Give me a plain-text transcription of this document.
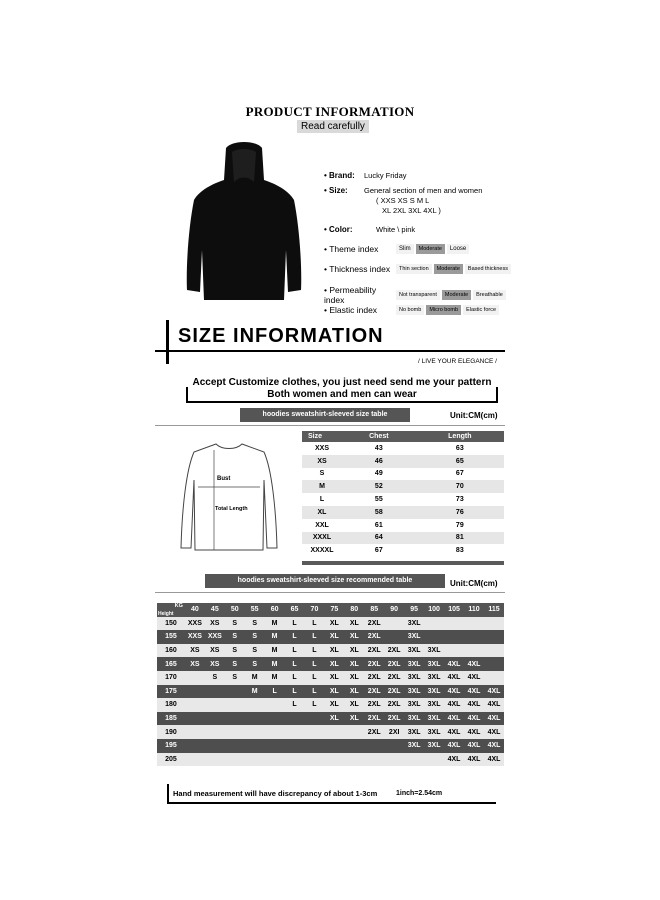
PRODUCT INFORMATION
Read carefully
• Brand:	Lucky Friday
• Size:	General section of men and women
( XXS XS S M L
XL 2XL 3XL 4XL )
• Color:	White \ pink
• Theme index	Slim	Moderate	Loose
• Thickness index	Thin section	Moderate	Based thickness
• Permeability index	Not transparent	Moderate	Breathable
• Elastic index	No bomb	Micro bomb	Elastic force
SIZE INFORMATION
/ LIVE YOUR ELEGANCE /
Accept Customize clothes, you just need send me your pattern
Both women and men can wear
hoodies sweatshirt-sleeved size table	Unit:CM(cm)
Bust
Total Length
Size	Chest	Length
XXS	43	63
XS	46	65
S	49	67
M	52	70
L	55	73
XL	58	76
XXL	61	79
XXXL	64	81
XXXXL	67	83
hoodies sweatshirt-sleeved size recommended table	Unit:CM(cm)
KG
Height	40	45	50	55	60	65	70	75	80	85	90	95	100	105	110	115
150	XXS	XS	S	S	M	L	L	XL	XL	2XL		3XL				
155	XXS	XXS	S	S	M	L	L	XL	XL	2XL		3XL				
160	XS	XS	S	S	M	L	L	XL	XL	2XL	2XL	3XL	3XL			
165	XS	XS	S	S	M	L	L	XL	XL	2XL	2XL	3XL	3XL	4XL	4XL	
170		S	S	M	M	L	L	XL	XL	2XL	2XL	3XL	3XL	4XL	4XL	
175				M	L	L	L	XL	XL	2XL	2XL	3XL	3XL	4XL	4XL	4XL
180						L	L	XL	XL	2XL	2XL	3XL	3XL	4XL	4XL	4XL
185								XL	XL	2XL	2XL	3XL	3XL	4XL	4XL	4XL
190										2XL	2XI	3XL	3XL	4XL	4XL	4XL
195												3XL	3XL	4XL	4XL	4XL
205														4XL	4XL	4XL
Hand measurement will have discrepancy of about 1-3cm	1inch=2.54cm
